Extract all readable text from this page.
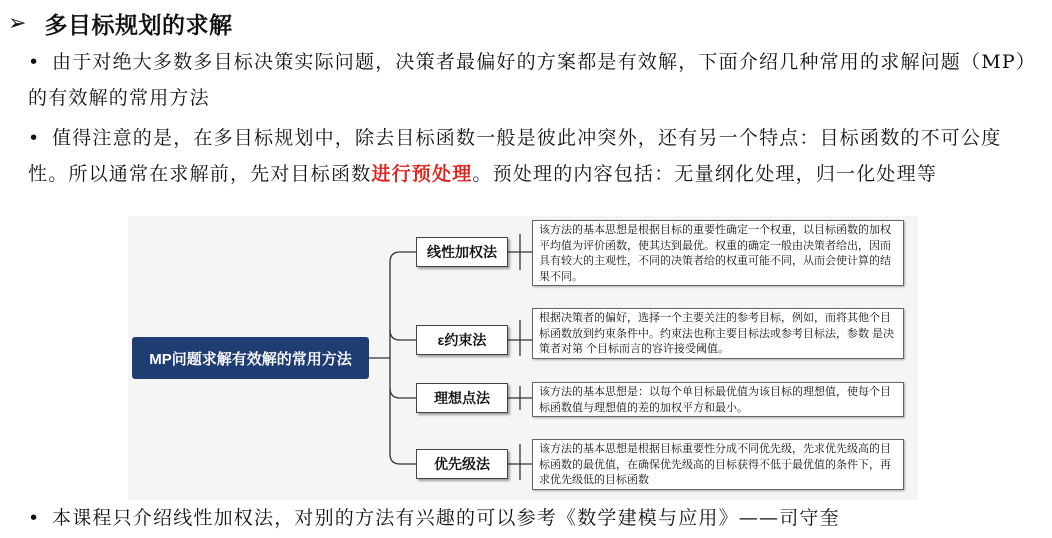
➢ 多目标规划的求解
• 由于对绝大多数多目标决策实际问题，决策者最偏好的方案都是有效解，下面介绍几种常用的求解问题（MP）的有效解的常用方法
• 值得注意的是，在多目标规划中，除去目标函数一般是彼此冲突外，还有另一个特点：目标函数的不可公度性。所以通常在求解前，先对目标函数进行预处理。预处理的内容包括：无量纲化处理，归一化处理等
MP问题求解有效解的常用方法
线性加权法
ε约束法
理想点法
优先级法
该方法的基本思想是根据目标的重要性确定一个权重，以目标函数的加权平均值为评价函数，使其达到最优。权重的确定一般由决策者给出，因而具有较大的主观性，不同的决策者给的权重可能不同，从而会使计算的结果不同。
根据决策者的偏好，选择一个主要关注的参考目标，例如，而将其他个目标函数放到约束条件中。约束法也称主要目标法或参考目标法，参数 是决策者对第 个目标而言的容许接受阈值。
该方法的基本思想是：以每个单目标最优值为该目标的理想值，使每个目标函数值与理想值的差的加权平方和最小。
该方法的基本思想是根据目标重要性分成不同优先级，先求优先级高的目标函数的最优值，在确保优先级高的目标获得不低于最优值的条件下，再求优先级低的目标函数
• 本课程只介绍线性加权法，对别的方法有兴趣的可以参考《数学建模与应用》——司守奎
